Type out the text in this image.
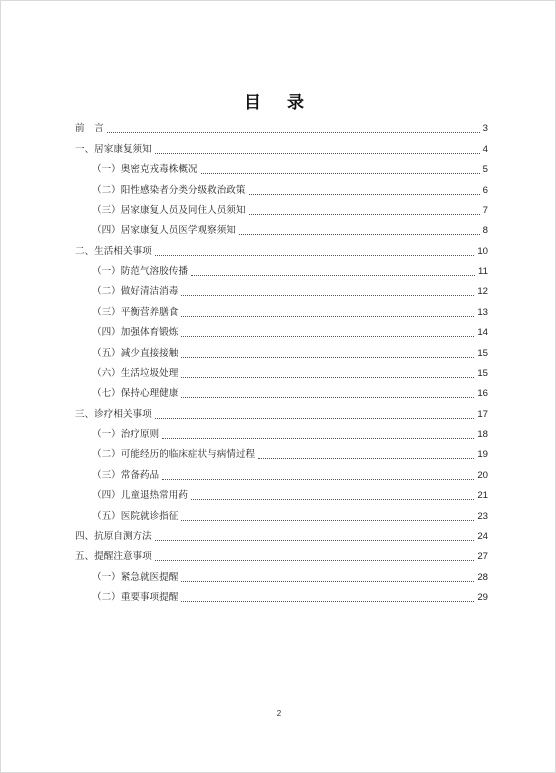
目 录
前　言	3
一、居家康复须知	4
（一）奥密克戎毒株概况	5
（二）阳性感染者分类分级救治政策	6
（三）居家康复人员及同住人员须知	7
（四）居家康复人员医学观察须知	8
二、生活相关事项	10
（一）防范气溶胶传播	11
（二）做好清洁消毒	12
（三）平衡营养膳食	13
（四）加强体育锻炼	14
（五）减少直接接触	15
（六）生活垃圾处理	15
（七）保持心理健康	16
三、诊疗相关事项	17
（一）治疗原则	18
（二）可能经历的临床症状与病情过程	19
（三）常备药品	20
（四）儿童退热常用药	21
（五）医院就诊指征	23
四、抗原自测方法	24
五、提醒注意事项	27
（一）紧急就医提醒	28
（二）重要事项提醒	29
2
